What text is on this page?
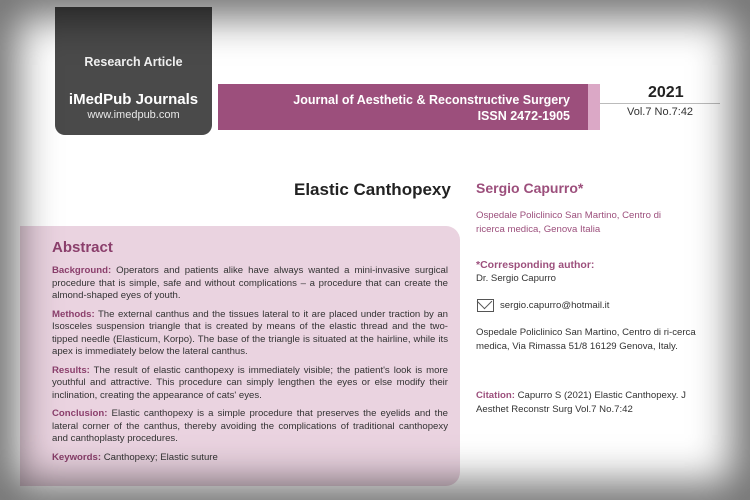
Research Article
iMedPub Journals
www.imedpub.com
Journal of Aesthetic & Reconstructive Surgery
ISSN 2472-1905
2021
Vol.7 No.7:42
Elastic Canthopexy
Abstract

Background: Operators and patients alike have always wanted a mini-invasive surgical procedure that is simple, safe and without complications – a procedure that can create the almond-shaped eyes of youth.

Methods: The external canthus and the tissues lateral to it are placed under traction by an Isosceles suspension triangle that is created by means of the elastic thread and the two-tipped needle (Elasticum, Korpo). The base of the triangle is situated at the hairline, while its apex is immediately below the lateral canthus.

Results: The result of elastic canthopexy is immediately visible; the patient's look is more youthful and attractive. This procedure can simply lengthen the eyes or else modify their inclination, creating the appearance of cats' eyes.

Conclusion: Elastic canthopexy is a simple procedure that preserves the eyelids and the lateral corner of the canthus, thereby avoiding the complications of traditional canthopexy and canthoplasty procedures.

Keywords: Canthopexy; Elastic suture

Sergio Capurro*
Ospedale Policlinico San Martino, Centro di ricerca medica, Genova Italia
*Corresponding author:
Dr. Sergio Capurro
sergio.capurro@hotmail.it
Ospedale Policlinico San Martino, Centro di ri-cerca medica, Via Rimassa 51/8 16129 Genova, Italy.
Citation: Capurro S (2021) Elastic Canthopexy. J Aesthet Reconstr Surg Vol.7 No.7:42
